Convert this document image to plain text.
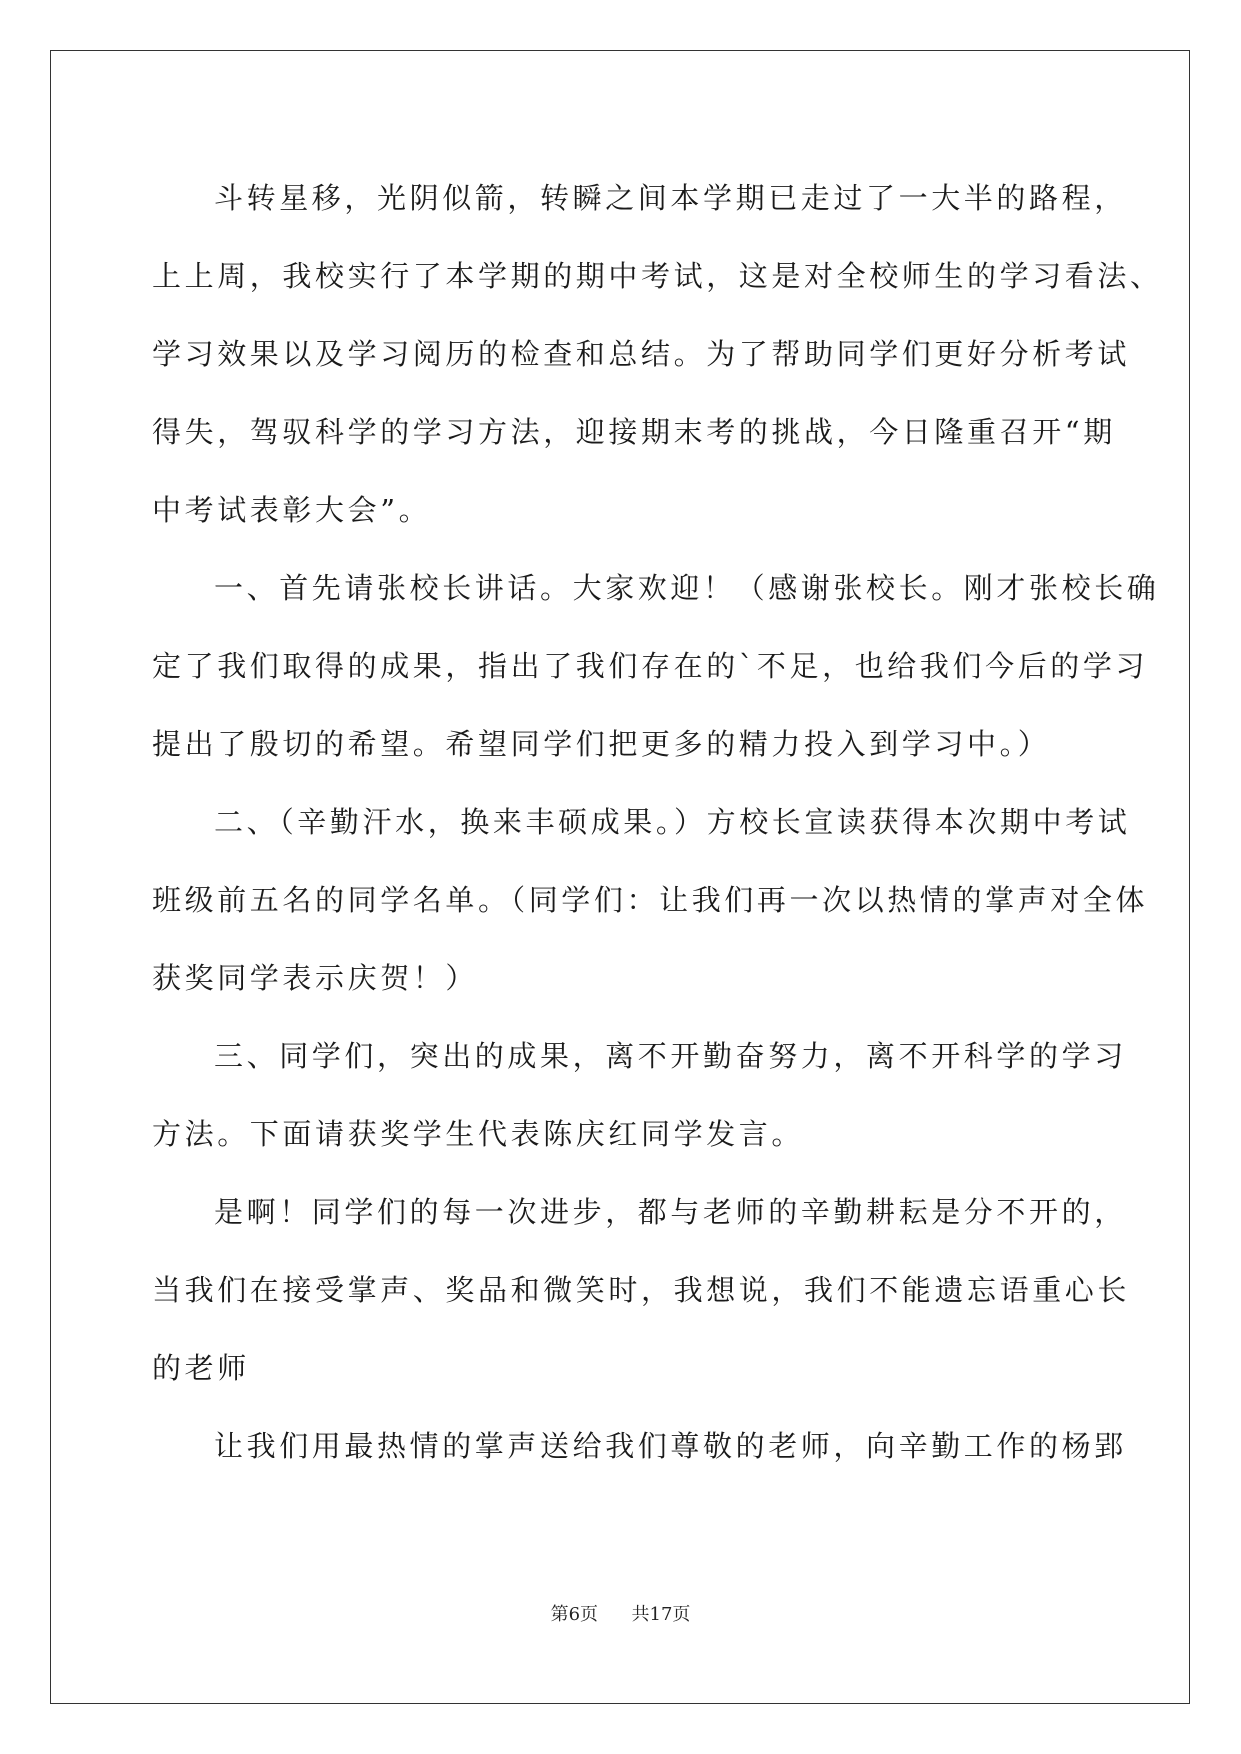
斗转星移，光阴似箭，转瞬之间本学期已走过了一大半的路程，
上上周，我校实行了本学期的期中考试，这是对全校师生的学习看法、
学习效果以及学习阅历的检查和总结。为了帮助同学们更好分析考试
得失，驾驭科学的学习方法，迎接期末考的挑战，今日隆重召开“期
中考试表彰大会”。
一、首先请张校长讲话。大家欢迎！（感谢张校长。刚才张校长确
定了我们取得的成果，指出了我们存在的`不足，也给我们今后的学习
提出了殷切的希望。希望同学们把更多的精力投入到学习中。）
二、（辛勤汗水，换来丰硕成果。）方校长宣读获得本次期中考试
班级前五名的同学名单。（同学们：让我们再一次以热情的掌声对全体
获奖同学表示庆贺！）
三、同学们，突出的成果，离不开勤奋努力，离不开科学的学习
方法。下面请获奖学生代表陈庆红同学发言。
是啊！同学们的每一次进步，都与老师的辛勤耕耘是分不开的，
当我们在接受掌声、奖品和微笑时，我想说，我们不能遗忘语重心长
的老师
让我们用最热情的掌声送给我们尊敬的老师，向辛勤工作的杨郢
第6页 共17页
